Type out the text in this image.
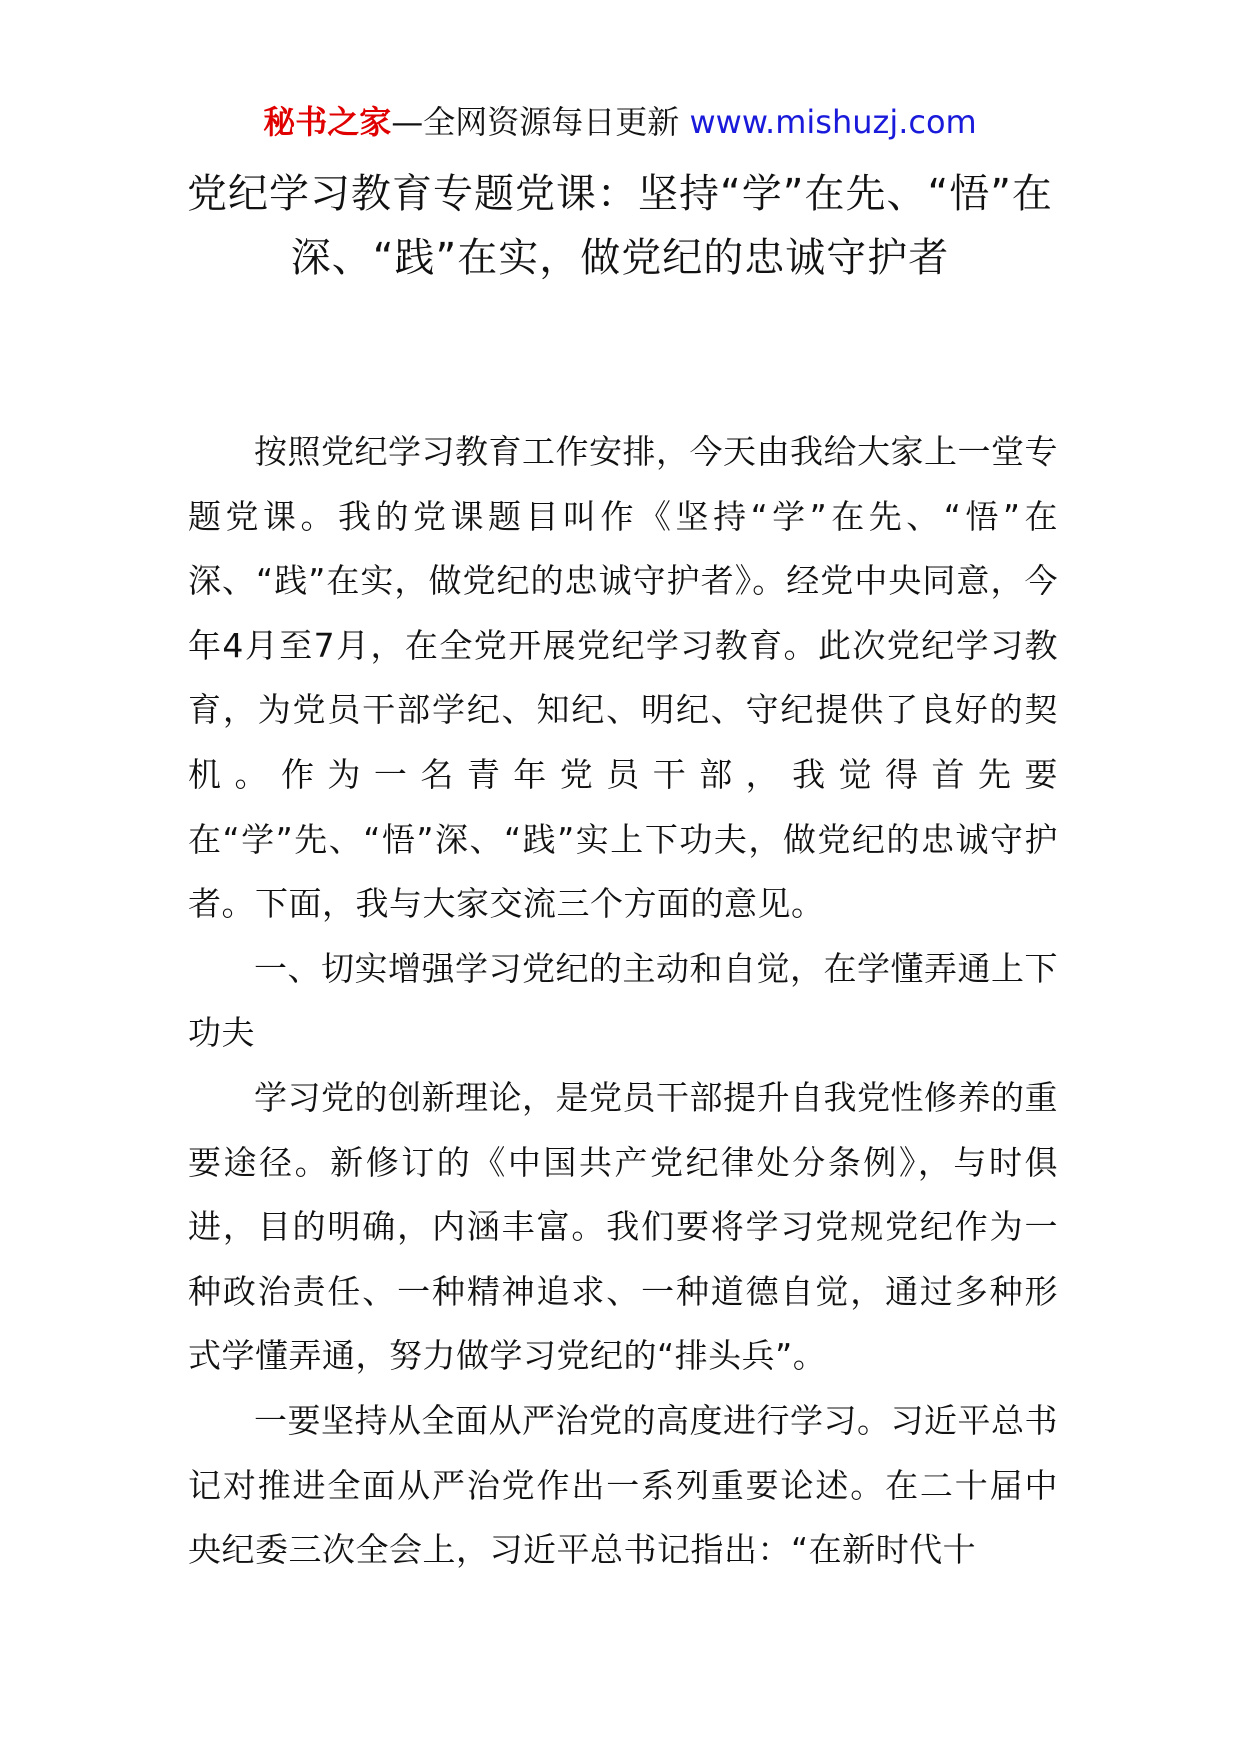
秘书之家—全网资源每日更新 www.mishuzj.com
党纪学习教育专题党课：坚持“学”在先、“悟”在深、“践”在实，做党纪的忠诚守护者

按照党纪学习教育工作安排，今天由我给大家上一堂专题党课。我的党课题目叫作《坚持“学”在先、“悟”在深、“践”在实，做党纪的忠诚守护者》。经党中央同意，今年4月至7月，在全党开展党纪学习教育。此次党纪学习教育，为党员干部学纪、知纪、明纪、守纪提供了良好的契机。作为一名青年党员干部，我觉得首先要在“学”先、“悟”深、“践”实上下功夫，做党纪的忠诚守护者。下面，我与大家交流三个方面的意见。

一、切实增强学习党纪的主动和自觉，在学懂弄通上下功夫

学习党的创新理论，是党员干部提升自我党性修养的重要途径。新修订的《中国共产党纪律处分条例》，与时俱进，目的明确，内涵丰富。我们要将学习党规党纪作为一种政治责任、一种精神追求、一种道德自觉，通过多种形式学懂弄通，努力做学习党纪的“排头兵”。

一要坚持从全面从严治党的高度进行学习。习近平总书记对推进全面从严治党作出一系列重要论述。在二十届中央纪委三次全会上，习近平总书记指出：“在新时代十
